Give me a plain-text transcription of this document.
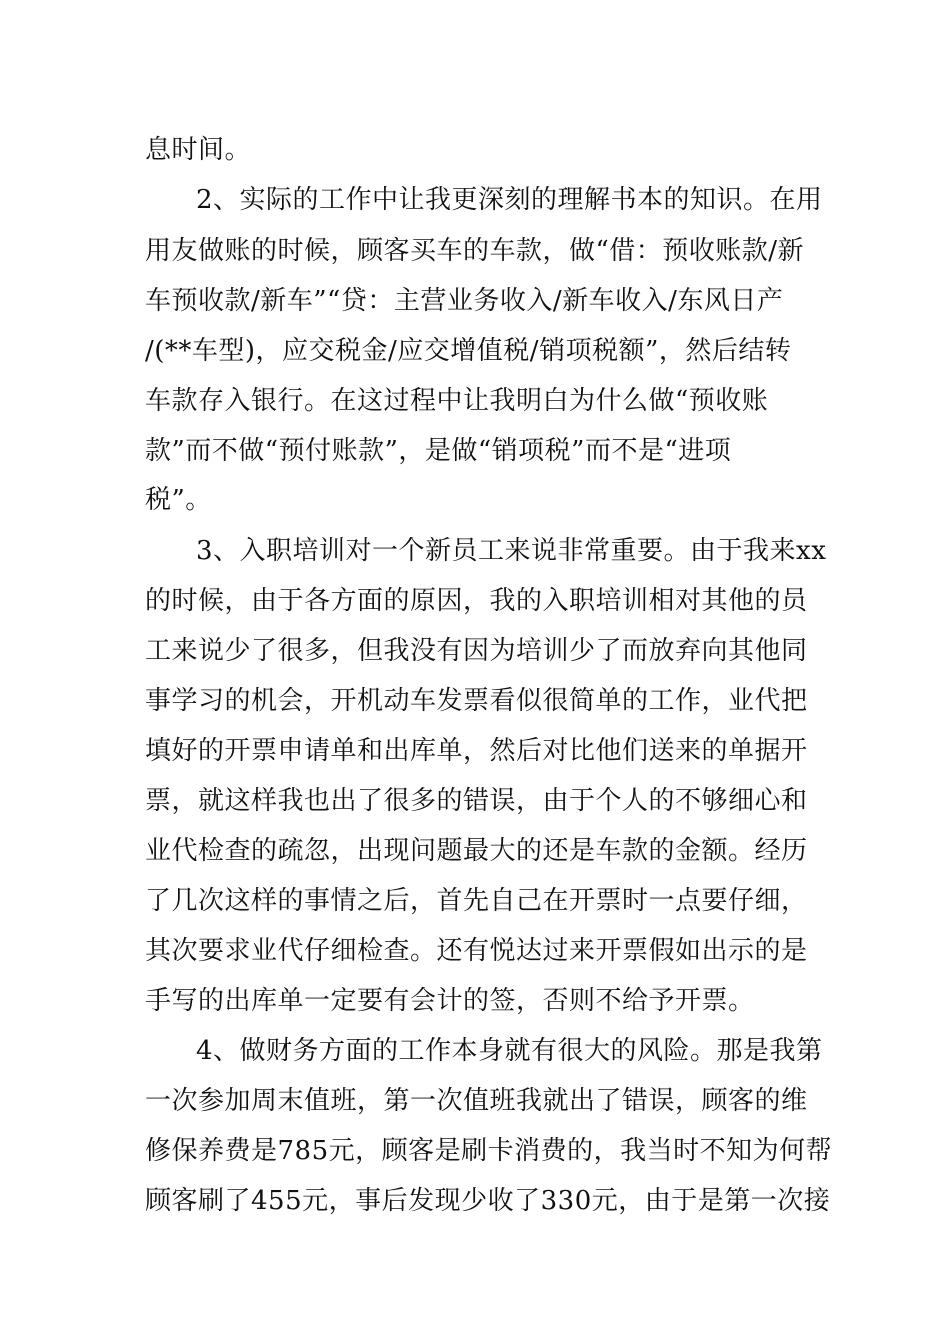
息时间。
2、实际的工作中让我更深刻的理解书本的知识。在用
用友做账的时候，顾客买车的车款，做“借：预收账款/新
车预收款/新车”“贷：主营业务收入/新车收入/东风日产
/(**车型)，应交税金/应交增值税/销项税额”，然后结转
车款存入银行。在这过程中让我明白为什么做“预收账
款”而不做“预付账款”，是做“销项税”而不是“进项
税”。
3、入职培训对一个新员工来说非常重要。由于我来xx
的时候，由于各方面的原因，我的入职培训相对其他的员
工来说少了很多，但我没有因为培训少了而放弃向其他同
事学习的机会，开机动车发票看似很简单的工作，业代把
填好的开票申请单和出库单，然后对比他们送来的单据开
票，就这样我也出了很多的错误，由于个人的不够细心和
业代检查的疏忽，出现问题最大的还是车款的金额。经历
了几次这样的事情之后，首先自己在开票时一点要仔细，
其次要求业代仔细检查。还有悦达过来开票假如出示的是
手写的出库单一定要有会计的签，否则不给予开票。
4、做财务方面的工作本身就有很大的风险。那是我第
一次参加周末值班，第一次值班我就出了错误，顾客的维
修保养费是785元，顾客是刷卡消费的，我当时不知为何帮
顾客刷了455元，事后发现少收了330元，由于是第一次接
